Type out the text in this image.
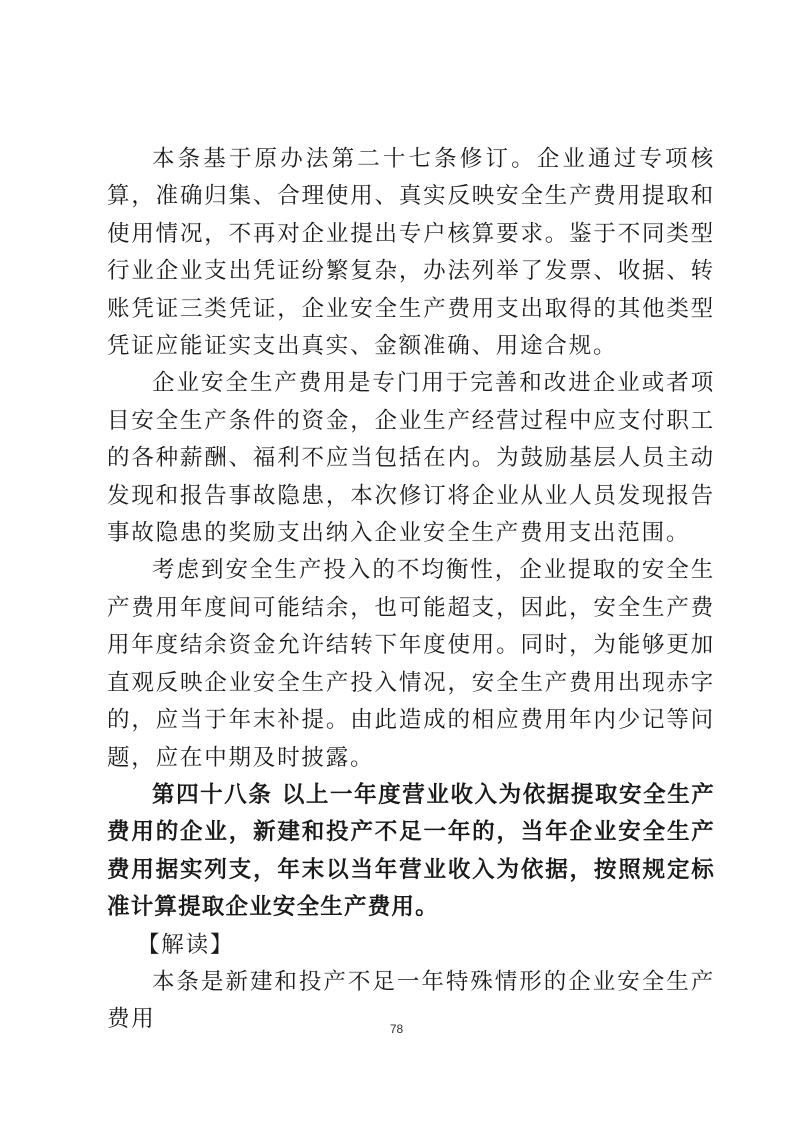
本条基于原办法第二十七条修订。企业通过专项核算，准确归集、合理使用、真实反映安全生产费用提取和使用情况，不再对企业提出专户核算要求。鉴于不同类型行业企业支出凭证纷繁复杂，办法列举了发票、收据、转账凭证三类凭证，企业安全生产费用支出取得的其他类型凭证应能证实支出真实、金额准确、用途合规。

企业安全生产费用是专门用于完善和改进企业或者项目安全生产条件的资金，企业生产经营过程中应支付职工的各种薪酬、福利不应当包括在内。为鼓励基层人员主动发现和报告事故隐患，本次修订将企业从业人员发现报告事故隐患的奖励支出纳入企业安全生产费用支出范围。

考虑到安全生产投入的不均衡性，企业提取的安全生产费用年度间可能结余，也可能超支，因此，安全生产费用年度结余资金允许结转下年度使用。同时，为能够更加直观反映企业安全生产投入情况，安全生产费用出现赤字的，应当于年末补提。由此造成的相应费用年内少记等问题，应在中期及时披露。

第四十八条 以上一年度营业收入为依据提取安全生产费用的企业，新建和投产不足一年的，当年企业安全生产费用据实列支，年末以当年营业收入为依据，按照规定标准计算提取企业安全生产费用。

【解读】

本条是新建和投产不足一年特殊情形的企业安全生产费用	78
